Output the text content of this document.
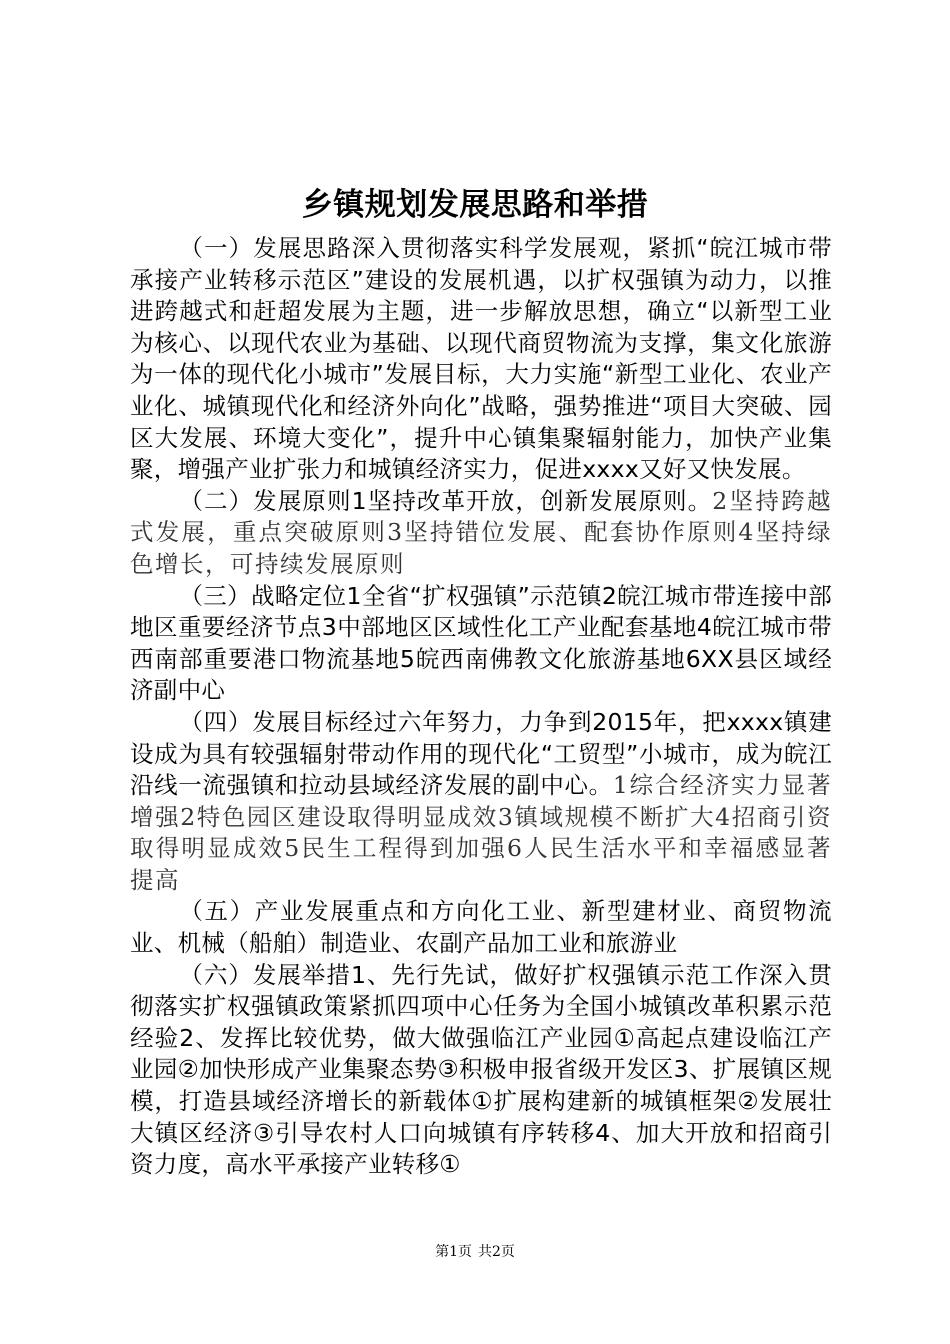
乡镇规划发展思路和举措

（一）发展思路深入贯彻落实科学发展观，紧抓“皖江城市带承接产业转移示范区”建设的发展机遇，以扩权强镇为动力，以推进跨越式和赶超发展为主题，进一步解放思想，确立“以新型工业为核心、以现代农业为基础、以现代商贸物流为支撑，集文化旅游为一体的现代化小城市”发展目标，大力实施“新型工业化、农业产业化、城镇现代化和经济外向化”战略，强势推进“项目大突破、园区大发展、环境大变化”，提升中心镇集聚辐射能力，加快产业集聚，增强产业扩张力和城镇经济实力，促进xxxx又好又快发展。

（二）发展原则1坚持改革开放，创新发展原则。2坚持跨越式发展，重点突破原则3坚持错位发展、配套协作原则4坚持绿色增长，可持续发展原则

（三）战略定位1全省“扩权强镇”示范镇2皖江城市带连接中部地区重要经济节点3中部地区区域性化工产业配套基地4皖江城市带西南部重要港口物流基地5皖西南佛教文化旅游基地6XX县区域经济副中心

（四）发展目标经过六年努力，力争到2015年，把xxxx镇建设成为具有较强辐射带动作用的现代化“工贸型”小城市，成为皖江沿线一流强镇和拉动县域经济发展的副中心。1综合经济实力显著增强2特色园区建设取得明显成效3镇域规模不断扩大4招商引资取得明显成效5民生工程得到加强6人民生活水平和幸福感显著提高

（五）产业发展重点和方向化工业、新型建材业、商贸物流业、机械（船舶）制造业、农副产品加工业和旅游业

（六）发展举措1、先行先试，做好扩权强镇示范工作深入贯彻落实扩权强镇政策紧抓四项中心任务为全国小城镇改革积累示范经验2、发挥比较优势，做大做强临江产业园①高起点建设临江产业园②加快形成产业集聚态势③积极申报省级开发区3、扩展镇区规模，打造县域经济增长的新载体①扩展构建新的城镇框架②发展壮大镇区经济③引导农村人口向城镇有序转移4、加大开放和招商引资力度，高水平承接产业转移①

第1页 共2页
